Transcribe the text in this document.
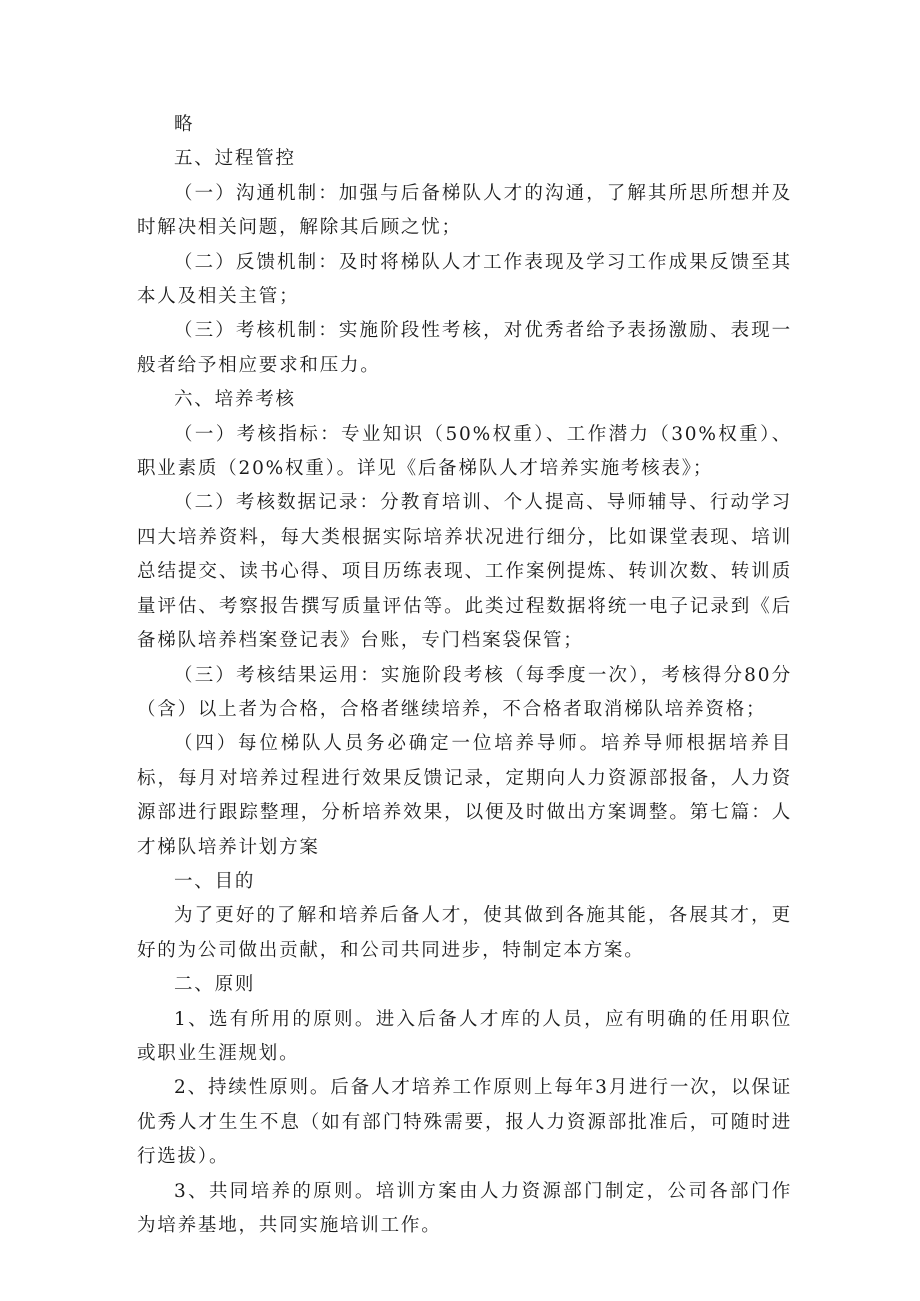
略

五、过程管控

（一）沟通机制：加强与后备梯队人才的沟通，了解其所思所想并及时解决相关问题，解除其后顾之忧；

（二）反馈机制：及时将梯队人才工作表现及学习工作成果反馈至其本人及相关主管；

（三）考核机制：实施阶段性考核，对优秀者给予表扬激励、表现一般者给予相应要求和压力。

六、培养考核

（一）考核指标：专业知识（50%权重）、工作潜力（30%权重）、职业素质（20%权重）。详见《后备梯队人才培养实施考核表》；

（二）考核数据记录：分教育培训、个人提高、导师辅导、行动学习四大培养资料，每大类根据实际培养状况进行细分，比如课堂表现、培训总结提交、读书心得、项目历练表现、工作案例提炼、转训次数、转训质量评估、考察报告撰写质量评估等。此类过程数据将统一电子记录到《后备梯队培养档案登记表》台账，专门档案袋保管；

（三）考核结果运用：实施阶段考核（每季度一次），考核得分80分（含）以上者为合格，合格者继续培养，不合格者取消梯队培养资格；

（四）每位梯队人员务必确定一位培养导师。培养导师根据培养目标，每月对培养过程进行效果反馈记录，定期向人力资源部报备，人力资源部进行跟踪整理，分析培养效果，以便及时做出方案调整。第七篇：人才梯队培养计划方案

一、目的

为了更好的了解和培养后备人才，使其做到各施其能，各展其才，更好的为公司做出贡献，和公司共同进步，特制定本方案。

二、原则

1、选有所用的原则。进入后备人才库的人员，应有明确的任用职位或职业生涯规划。

2、持续性原则。后备人才培养工作原则上每年3月进行一次，以保证优秀人才生生不息（如有部门特殊需要，报人力资源部批准后，可随时进行选拔）。

3、共同培养的原则。培训方案由人力资源部门制定，公司各部门作为培养基地，共同实施培训工作。
